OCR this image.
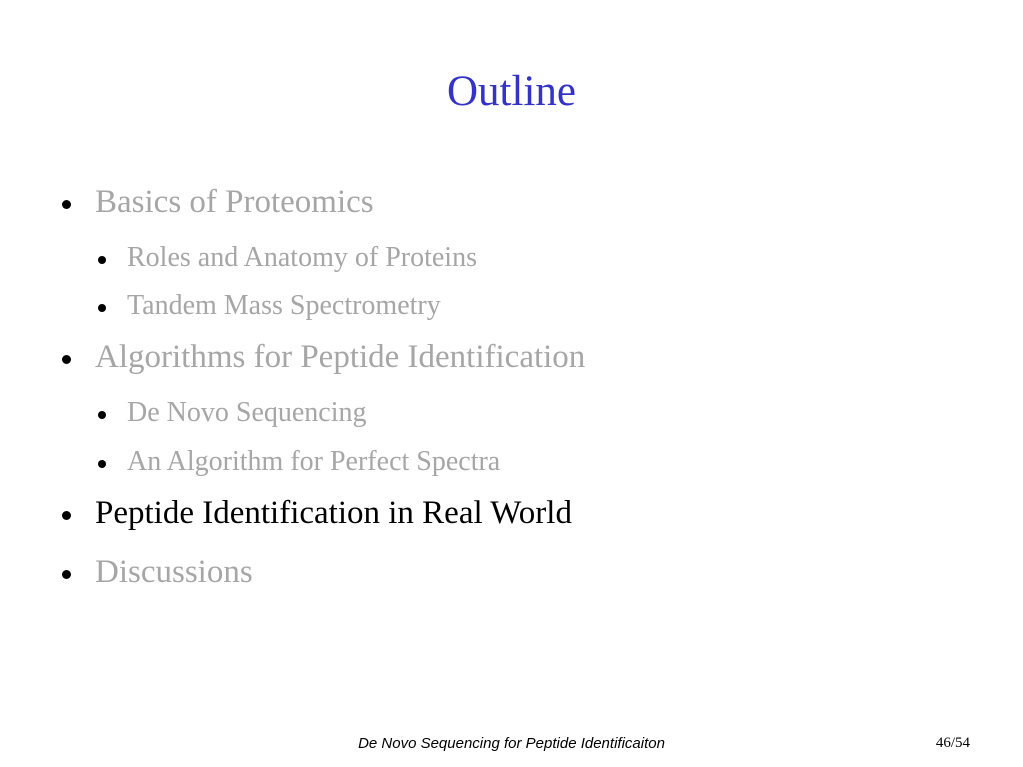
Outline
Basics of Proteomics
Roles and Anatomy of Proteins
Tandem Mass Spectrometry
Algorithms for Peptide Identification
De Novo Sequencing
An Algorithm for Perfect Spectra
Peptide Identification in Real World
Discussions
De Novo Sequencing for Peptide Identificaiton	46/54
